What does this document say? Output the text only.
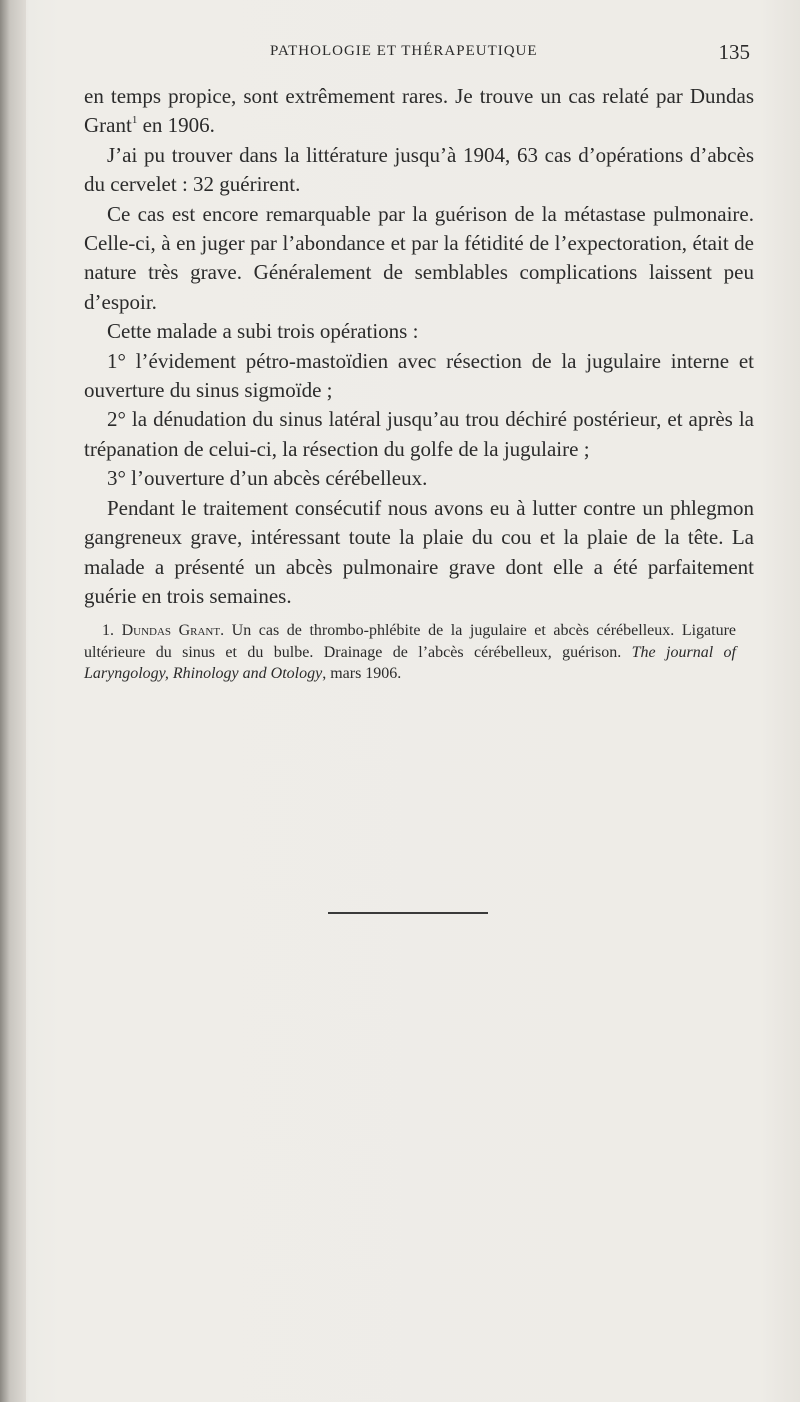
PATHOLOGIE ET THÉRAPEUTIQUE	135

en temps propice, sont extrêmement rares. Je trouve un cas relaté par Dundas Grant$^1$ en 1906.

J’ai pu trouver dans la littérature jusqu’à 1904, 63 cas d’opérations d’abcès du cervelet : 32 guérirent.

Ce cas est encore remarquable par la guérison de la métastase pulmonaire. Celle-ci, à en juger par l’abondance et par la fétidité de l’expectoration, était de nature très grave. Généralement de semblables complications laissent peu d’espoir.

Cette malade a subi trois opérations :

1° l’évidement pétro-mastoïdien avec résection de la jugulaire interne et ouverture du sinus sigmoïde ;

2° la dénudation du sinus latéral jusqu’au trou déchiré postérieur, et après la trépanation de celui-ci, la résection du golfe de la jugulaire ;

3° l’ouverture d’un abcès cérébelleux.

Pendant le traitement consécutif nous avons eu à lutter contre un phlegmon gangreneux grave, intéressant toute la plaie du cou et la plaie de la tête. La malade a présenté un abcès pulmonaire grave dont elle a été parfaitement guérie en trois semaines.

1. Dundas Grant. Un cas de thrombo-phlébite de la jugulaire et abcès cérébelleux. Ligature ultérieure du sinus et du bulbe. Drainage de l’abcès cérébelleux, guérison. The journal of Laryngology, Rhinology and Otology, mars 1906.
